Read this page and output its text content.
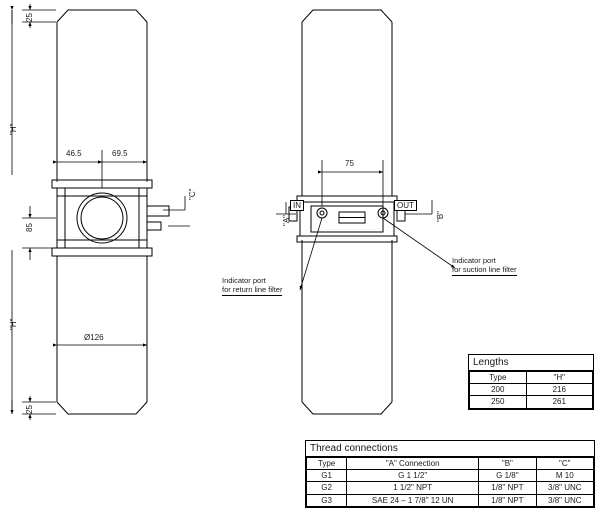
25
25
"H"
"H"
85
46.5	69.5
Ø126
"C"
75
"A"	"B"
IN	OUT
Indicator port
for return line filter
Indicator port
for suction line filter
Lengths
Type	"H"
200	216
250	261
Thread connections
Type	"A" Connection	"B"	"C"
G1	G 1 1/2"	G 1/8"	M 10
G2	1 1/2" NPT	1/8" NPT	3/8" UNC
G3	SAE 24 – 1 7/8" 12 UN	1/8" NPT	3/8" UNC
